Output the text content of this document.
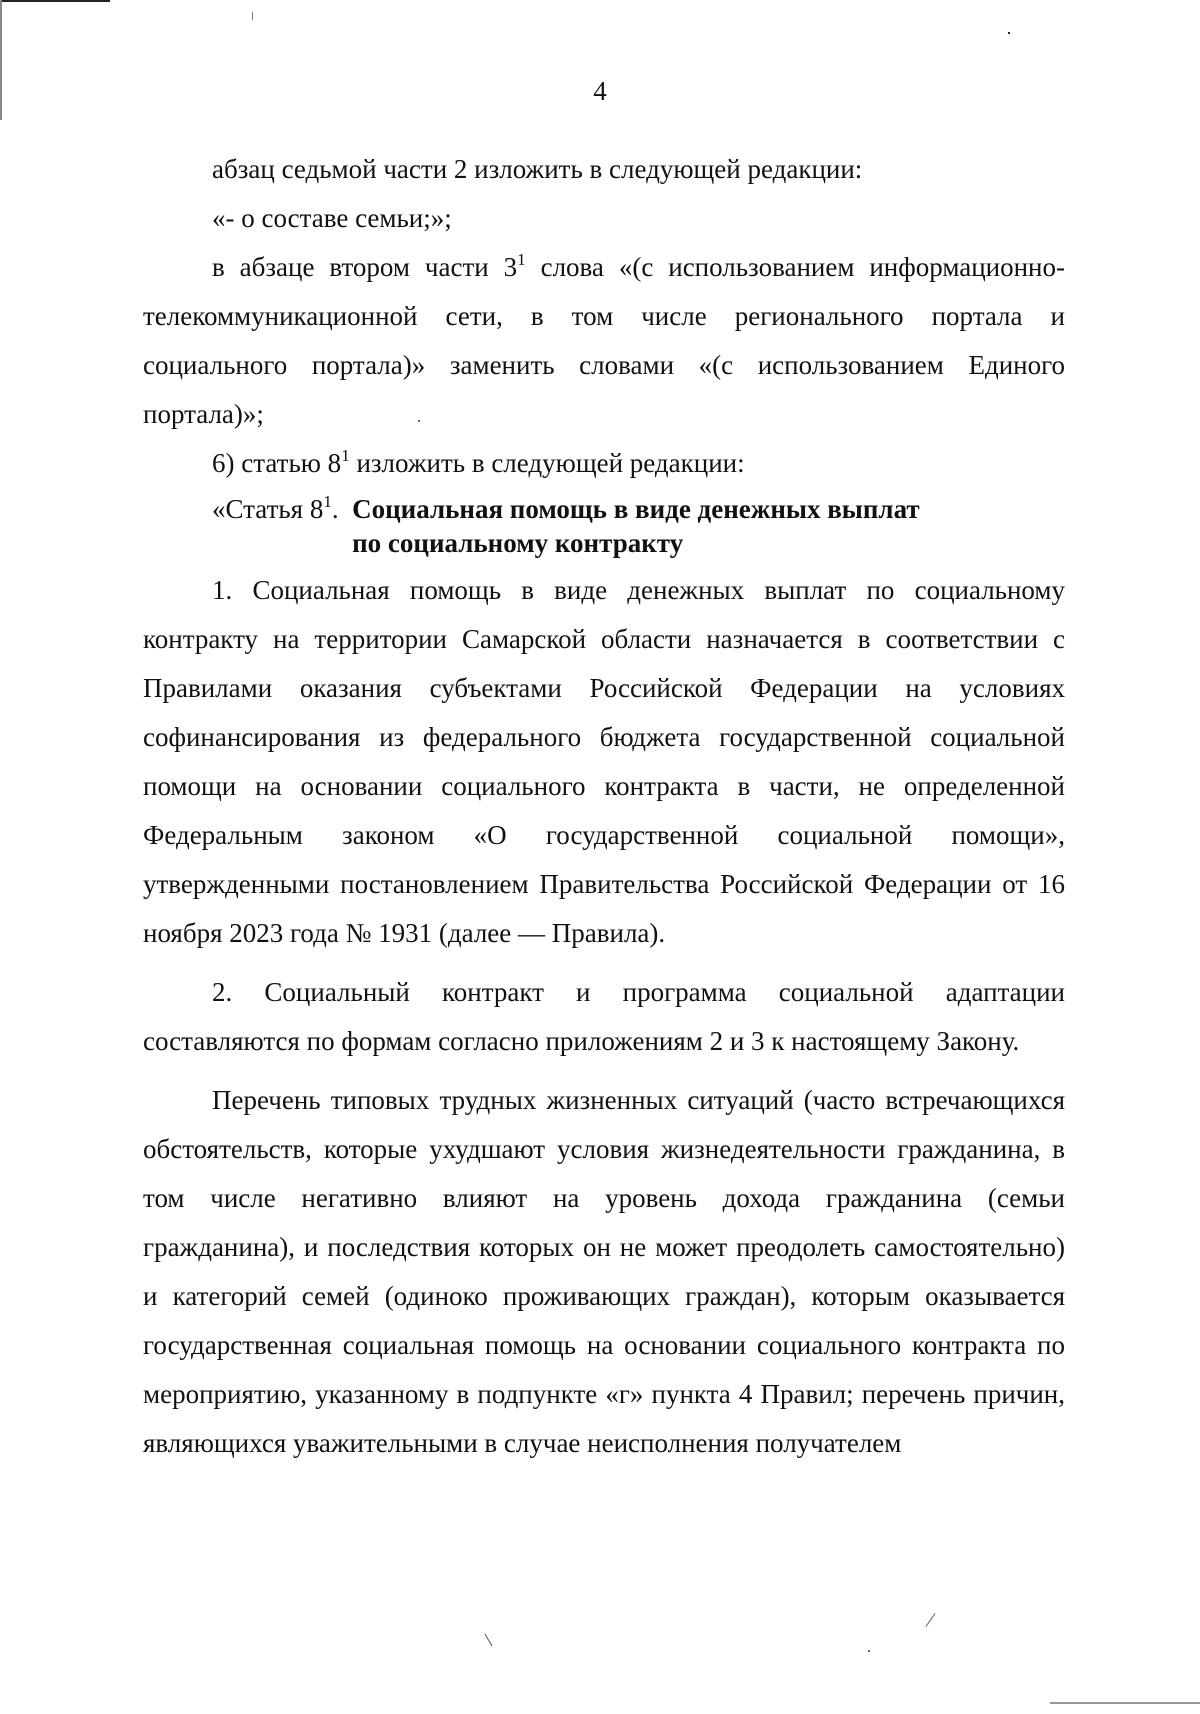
4

абзац седьмой части 2 изложить в следующей редакции:

«- о составе семьи;»;

в абзаце втором части $3^1$ слова «(с использованием информационно-телекоммуникационной сети, в том числе регионального портала и социального портала)» заменить словами «(с использованием Единого портала)»;

6) статью $8^1$ изложить в следующей редакции:

«Статья $8^1$. Социальная помощь в виде денежных выплат
по социальному контракту

1. Социальная помощь в виде денежных выплат по социальному контракту на территории Самарской области назначается в соответствии с Правилами оказания субъектами Российской Федерации на условиях софинансирования из федерального бюджета государственной социальной помощи на основании социального контракта в части, не определенной Федеральным законом «О государственной социальной помощи», утвержденными постановлением Правительства Российской Федерации от 16 ноября 2023 года № 1931 (далее — Правила).

2. Социальный контракт и программа социальной адаптации составляются по формам согласно приложениям 2 и 3 к настоящему Закону.

Перечень типовых трудных жизненных ситуаций (часто встречающихся обстоятельств, которые ухудшают условия жизнедеятельности гражданина, в том числе негативно влияют на уровень дохода гражданина (семьи гражданина), и последствия которых он не может преодолеть самостоятельно) и категорий семей (одиноко проживающих граждан), которым оказывается государственная социальная помощь на основании социального контракта по мероприятию, указанному в подпункте «г» пункта 4 Правил; перечень причин, являющихся уважительными в случае неисполнения получателем
